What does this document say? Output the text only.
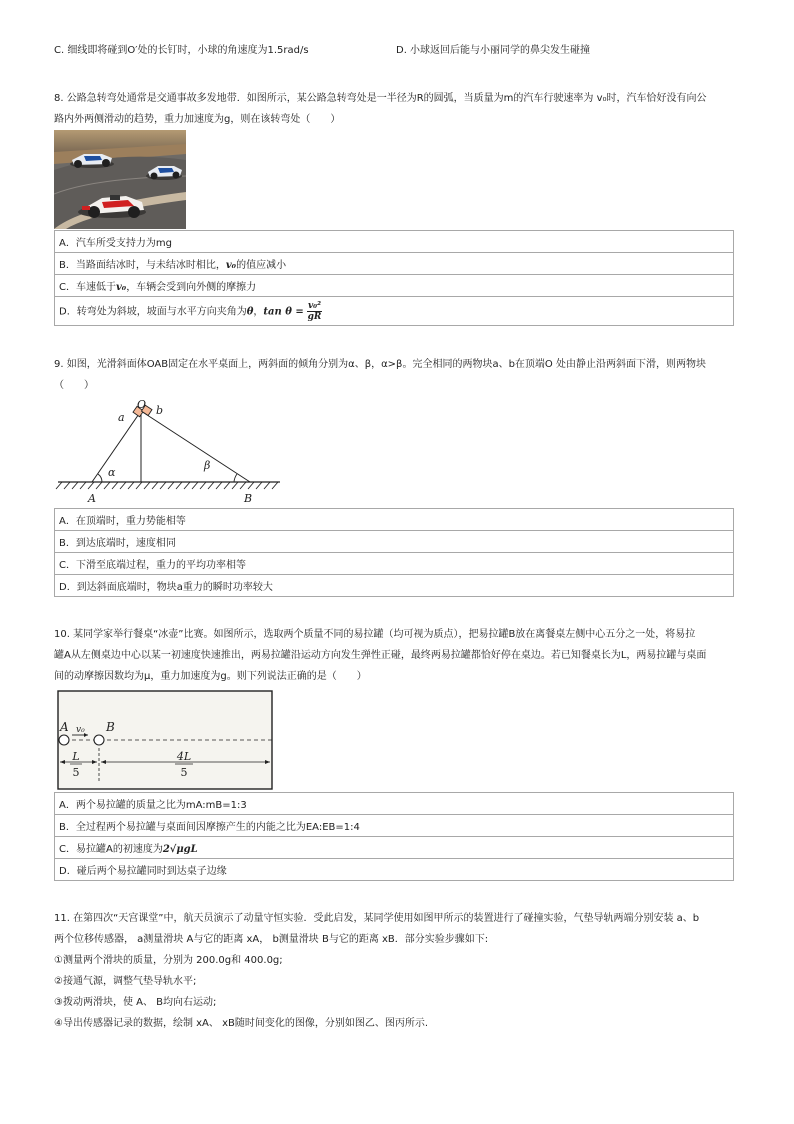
C. 细线即将碰到O′处的长钉时，小球的角速度为1.5rad/s	D. 小球返回后能与小丽同学的鼻尖发生碰撞
8. 公路急转弯处通常是交通事故多发地带．如图所示，某公路急转弯处是一半径为R的圆弧，当质量为m的汽车行驶速率为 v₀时，汽车恰好没有向公
路内外两侧滑动的趋势，重力加速度为g，则在该转弯处（　　）
A．汽车所受支持力为mg
B．当路面结冰时，与未结冰时相比，v₀的值应减小
C．车速低于v₀，车辆会受到向外侧的摩擦力
D．转弯处为斜坡，坡面与水平方向夹角为θ，$\tan \theta = \frac{\text{v₀²}}{gR}$
9. 如图，光滑斜面体OAB固定在水平桌面上，两斜面的倾角分别为α、β，α>β。完全相同的两物块a、b在顶端O 处由静止沿两斜面下滑，则两物块
（　　）
O
a
b
α
β
A	B
A．在顶端时，重力势能相等
B．到达底端时，速度相同
C．下滑至底端过程，重力的平均功率相等
D．到达斜面底端时，物块a重力的瞬时功率较大
10. 某同学家举行餐桌“冰壶”比赛。如图所示，选取两个质量不同的易拉罐（均可视为质点），把易拉罐B放在离餐桌左侧中心五分之一处，将易拉
罐A从左侧桌边中心以某一初速度快速推出，两易拉罐沿运动方向发生弹性正碰，最终两易拉罐都恰好停在桌边。若已知餐桌长为L，两易拉罐与桌面
间的动摩擦因数均为μ，重力加速度为g。则下列说法正确的是（　　）
A v₀ B
L
5
4L
5
A．两个易拉罐的质量之比为mA:mB=1:3
B．全过程两个易拉罐与桌面间因摩擦产生的内能之比为EA:EB=1:4
C．易拉罐A的初速度为2√μgL
D．碰后两个易拉罐同时到达桌子边缘
11. 在第四次“天宫课堂”中，航天员演示了动量守恒实验．受此启发，某同学使用如图甲所示的装置进行了碰撞实验，气垫导轨两端分别安装 a、b
两个位移传感器， a测量滑块 A与它的距离 xA， b测量滑块 B与它的距离 xB．部分实验步骤如下:
①测量两个滑块的质量，分别为 200.0g和 400.0g;
②接通气源，调整气垫导轨水平;
③拨动两滑块，使 A、 B均向右运动;
④导出传感器记录的数据，绘制 xA、 xB随时间变化的图像，分别如图乙、图丙所示.
